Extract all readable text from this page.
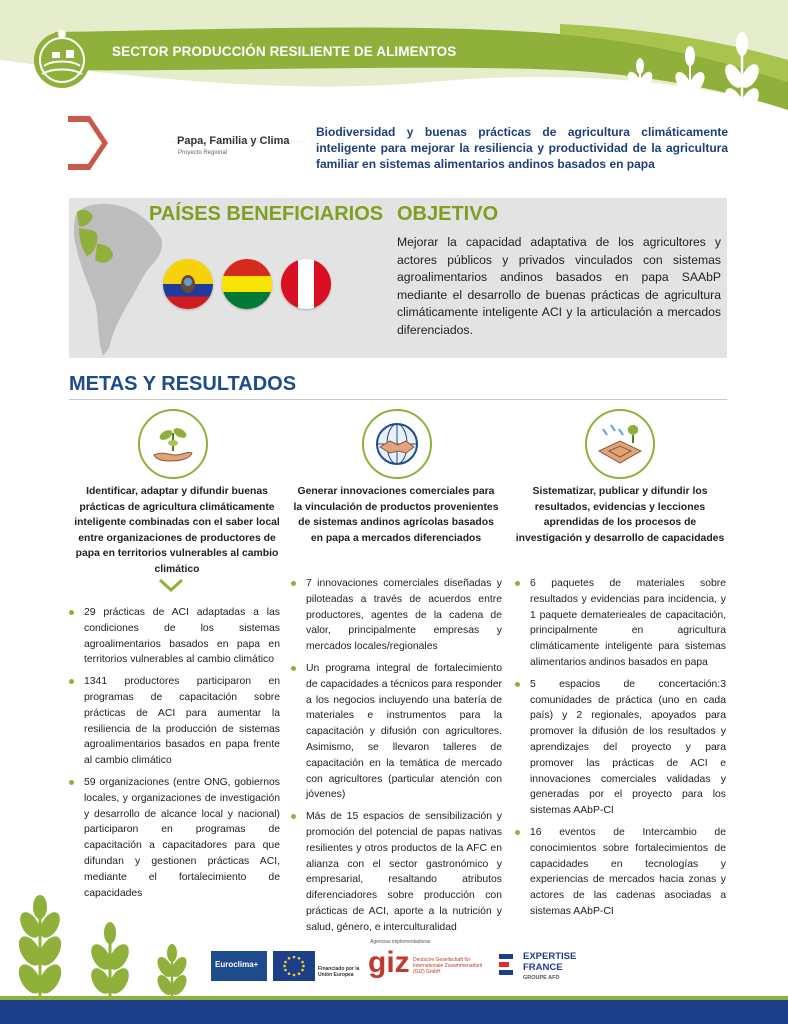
SECTOR PRODUCCIÓN RESILIENTE DE ALIMENTOS
Papa, Familia y Clima
Proyecto Regional
Biodiversidad y buenas prácticas de agricultura climáticamente inteligente para mejorar la resiliencia y productividad de la agricultura familiar en sistemas alimentarios andinos basados en papa
PAÍSES BENEFICIARIOS OBJETIVO
Mejorar la capacidad adaptativa de los agricultores y actores públicos y privados vinculados con sistemas agroalimentarios andinos basados en papa SAAbP mediante el desarrollo de buenas prácticas de agricultura climáticamente inteligente ACI y la articulación a mercados diferenciados.
METAS Y RESULTADOS
Identificar, adaptar y difundir buenas prácticas de agricultura climáticamente inteligente combinadas con el saber local entre organizaciones de productores de papa en territorios vulnerables al cambio climático
29 prácticas de ACI adaptadas a las condiciones de los sistemas agroalimentarios basados en papa en territorios vulnerables al cambio climático
1341 productores participaron en programas de capacitación sobre prácticas de ACI para aumentar la resiliencia de la producción de sistemas agroalimentarios basados en papa frente al cambio climático
59 organizaciones (entre ONG, gobiernos locales, y organizaciones de investigación y desarrollo de alcance local y nacional) participaron en programas de capacitación a capacitadores para que difundan y gestionen prácticas ACI, mediante el fortalecimiento de capacidades
Generar innovaciones comerciales para la vinculación de productos provenientes de sistemas andinos agrícolas basados en papa a mercados diferenciados
7 innovaciones comerciales diseñadas y piloteadas a través de acuerdos entre productores, agentes de la cadena de valor, principalmente empresas y mercados locales/regionales
Un programa integral de fortalecimiento de capacidades a técnicos para responder a los negocios incluyendo una batería de materiales e instrumentos para la capacitación y difusión con agricultores. Asimismo, se llevaron talleres de capacitación en la temática de mercado con agricultores (particular atención con jóvenes)
Más de 15 espacios de sensibilización y promoción del potencial de papas nativas resilientes y otros productos de la AFC en alianza con el sector gastronómico y empresarial, resaltando atributos diferenciadores sobre producción con prácticas de ACI, aporte a la nutrición y salud, género, e interculturalidad
Sistematizar, publicar y difundir los resultados, evidencias y lecciones aprendidas de los procesos de investigación y desarrollo de capacidades
6 paquetes de materiales sobre resultados y evidencias para incidencia, y 1 paquete dematerieales de capacitación, principalmente en agricultura climáticamente inteligente para sistemas alimentarios andinos basados en papa
5 espacios de concertación:3 comunidades de práctica (uno en cada país) y 2 regionales, apoyados para promover la difusión de los resultados y aprendizajes del proyecto y para promover las prácticas de ACI e innovaciones comerciales validadas y generadas por el proyecto para los sistemas AAbP-CI
16 eventos de Intercambio de conocimientos sobre fortalecimientos de capacidades en tecnologías y experiencias de mercados hacia zonas y actores de las cadenas asociadas a sistemas AAbP-CI
Euroclima+	Financiado por la Unión Europea
Agencias implementadoras
giz Deutsche Gesellschaft für Internationale Zusammenarbeit (GIZ) GmbH
EXPERTISE
FRANCE
GROUPE AFD
